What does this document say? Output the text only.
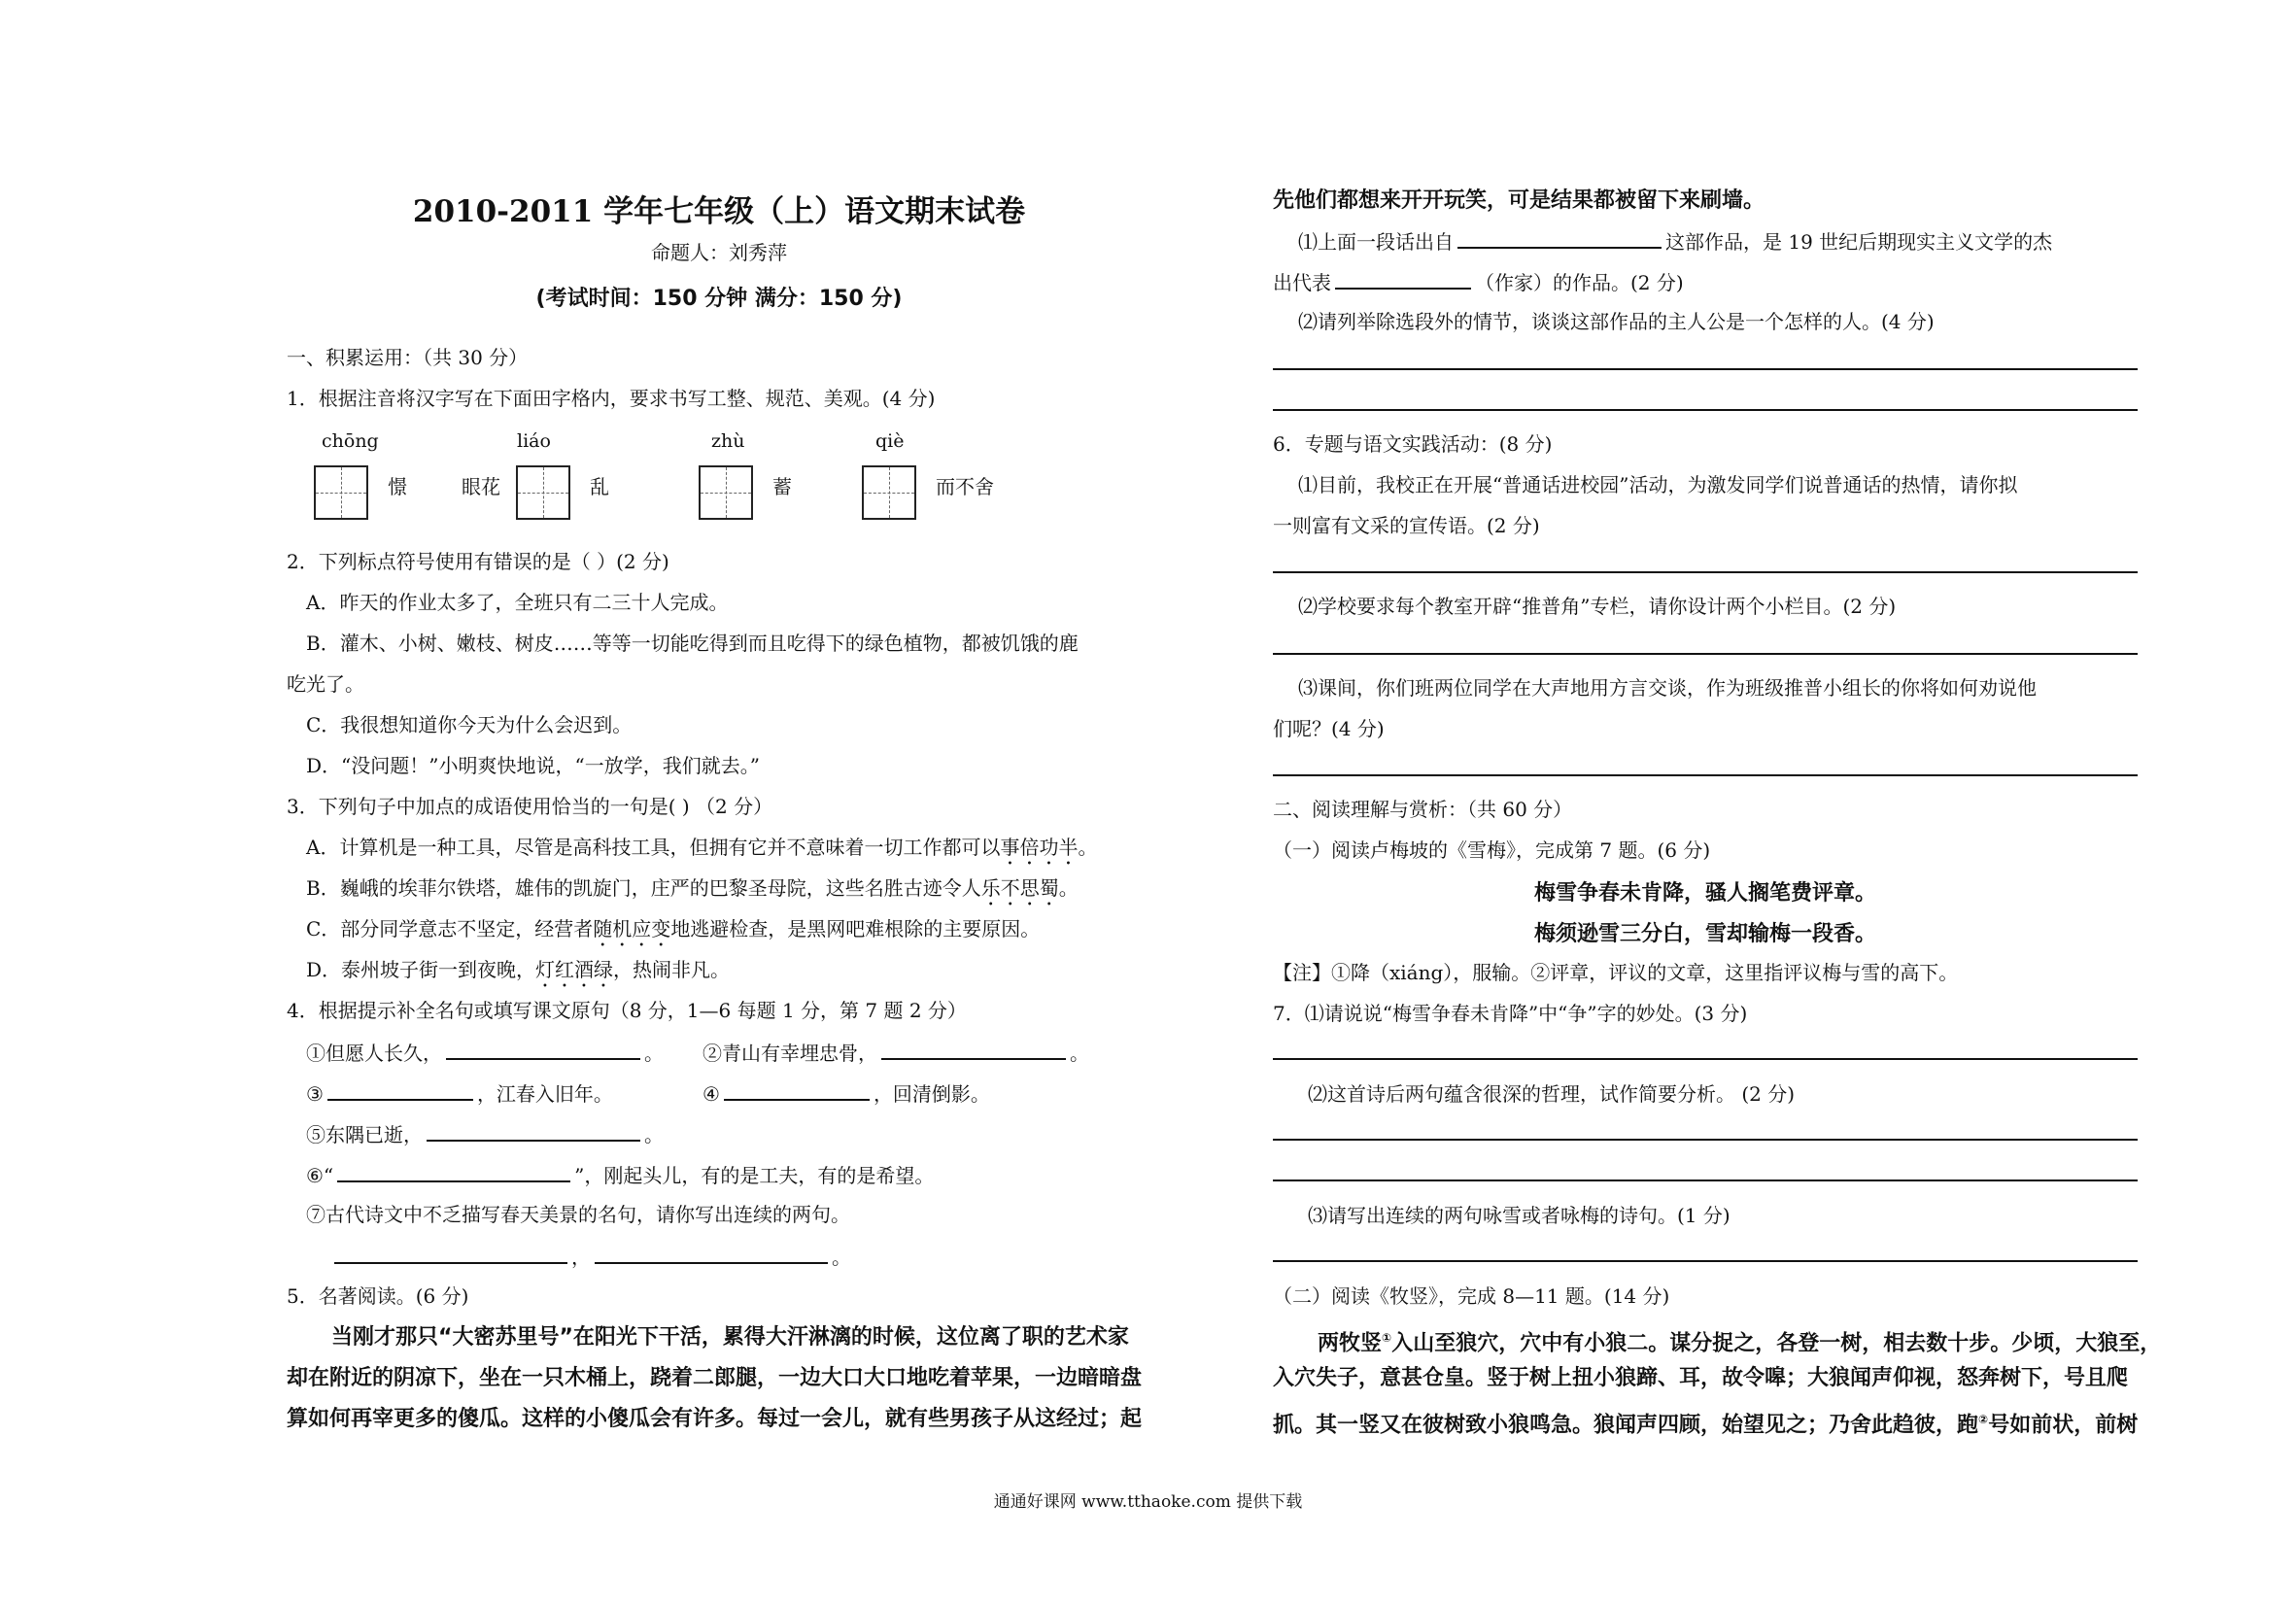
2010-2011 学年七年级（上）语文期末试卷
命题人：刘秀萍
(考试时间：150 分钟 满分：150 分)
一、积累运用：（共 30 分）
1．根据注音将汉字写在下面田字格内，要求书写工整、规范、美观。(4 分)
chōng	liáo	zhù	qiè
憬	眼花	乱	蓄	而不舍
2．下列标点符号使用有错误的是（ ）(2 分)
A．昨天的作业太多了，全班只有二三十人完成。
B．灌木、小树、嫩枝、树皮……等等一切能吃得到而且吃得下的绿色植物，都被饥饿的鹿
吃光了。
C．我很想知道你今天为什么会迟到。
D．“没问题！”小明爽快地说，“一放学，我们就去。”
3．下列句子中加点的成语使用恰当的一句是( ) （2 分）
A．计算机是一种工具，尽管是高科技工具，但拥有它并不意味着一切工作都可以事倍功半。
B．巍峨的埃菲尔铁塔，雄伟的凯旋门，庄严的巴黎圣母院，这些名胜古迹令人乐不思蜀。
C．部分同学意志不坚定，经营者随机应变地逃避检查，是黑网吧难根除的主要原因。
D．泰州坡子街一到夜晚，灯红酒绿，热闹非凡。
4．根据提示补全名句或填写课文原句（8 分，1—6 每题 1 分，第 7 题 2 分）
①但愿人长久，	。 ②青山有幸埋忠骨，	。
③	，江春入旧年。	④	，回清倒影。
⑤东隅已逝，	。
⑥“	”，刚起头儿，有的是工夫，有的是希望。
⑦古代诗文中不乏描写春天美景的名句，请你写出连续的两句。
，	。
5．名著阅读。(6 分)
当刚才那只“大密苏里号”在阳光下干活，累得大汗淋漓的时候，这位离了职的艺术家
却在附近的阴凉下，坐在一只木桶上，跷着二郎腿，一边大口大口地吃着苹果，一边暗暗盘
算如何再宰更多的傻瓜。这样的小傻瓜会有许多。每过一会儿，就有些男孩子从这经过；起
先他们都想来开开玩笑，可是结果都被留下来刷墙。
⑴上面一段话出自	这部作品，是 19 世纪后期现实主义文学的杰
出代表	（作家）的作品。(2 分)
⑵请列举除选段外的情节，谈谈这部作品的主人公是一个怎样的人。(4 分)
6．专题与语文实践活动：(8 分)
⑴目前，我校正在开展“普通话进校园”活动，为激发同学们说普通话的热情，请你拟
一则富有文采的宣传语。(2 分)
⑵学校要求每个教室开辟“推普角”专栏，请你设计两个小栏目。(2 分)
⑶课间，你们班两位同学在大声地用方言交谈，作为班级推普小组长的你将如何劝说他
们呢？(4 分)
二、阅读理解与赏析：（共 60 分）
（一）阅读卢梅坡的《雪梅》，完成第 7 题。(6 分)
梅雪争春未肯降，骚人搁笔费评章。
梅须逊雪三分白，雪却输梅一段香。
【注】①降（xiáng），服输。②评章，评议的文章，这里指评议梅与雪的高下。
7．⑴请说说“梅雪争春未肯降”中“争”字的妙处。(3 分)
⑵这首诗后两句蕴含很深的哲理，试作简要分析。 (2 分)
⑶请写出连续的两句咏雪或者咏梅的诗句。(1 分)
（二）阅读《牧竖》，完成 8—11 题。(14 分)
两牧竖①入山至狼穴，穴中有小狼二。谋分捉之，各登一树，相去数十步。少顷，大狼至，
入穴失子，意甚仓皇。竖于树上扭小狼蹄、耳，故令嗥；大狼闻声仰视，怒奔树下，号且爬
抓。其一竖又在彼树致小狼鸣急。狼闻声四顾，始望见之；乃舍此趋彼，跑②号如前状，前树
通通好课网 www.tthaoke.com 提供下载
